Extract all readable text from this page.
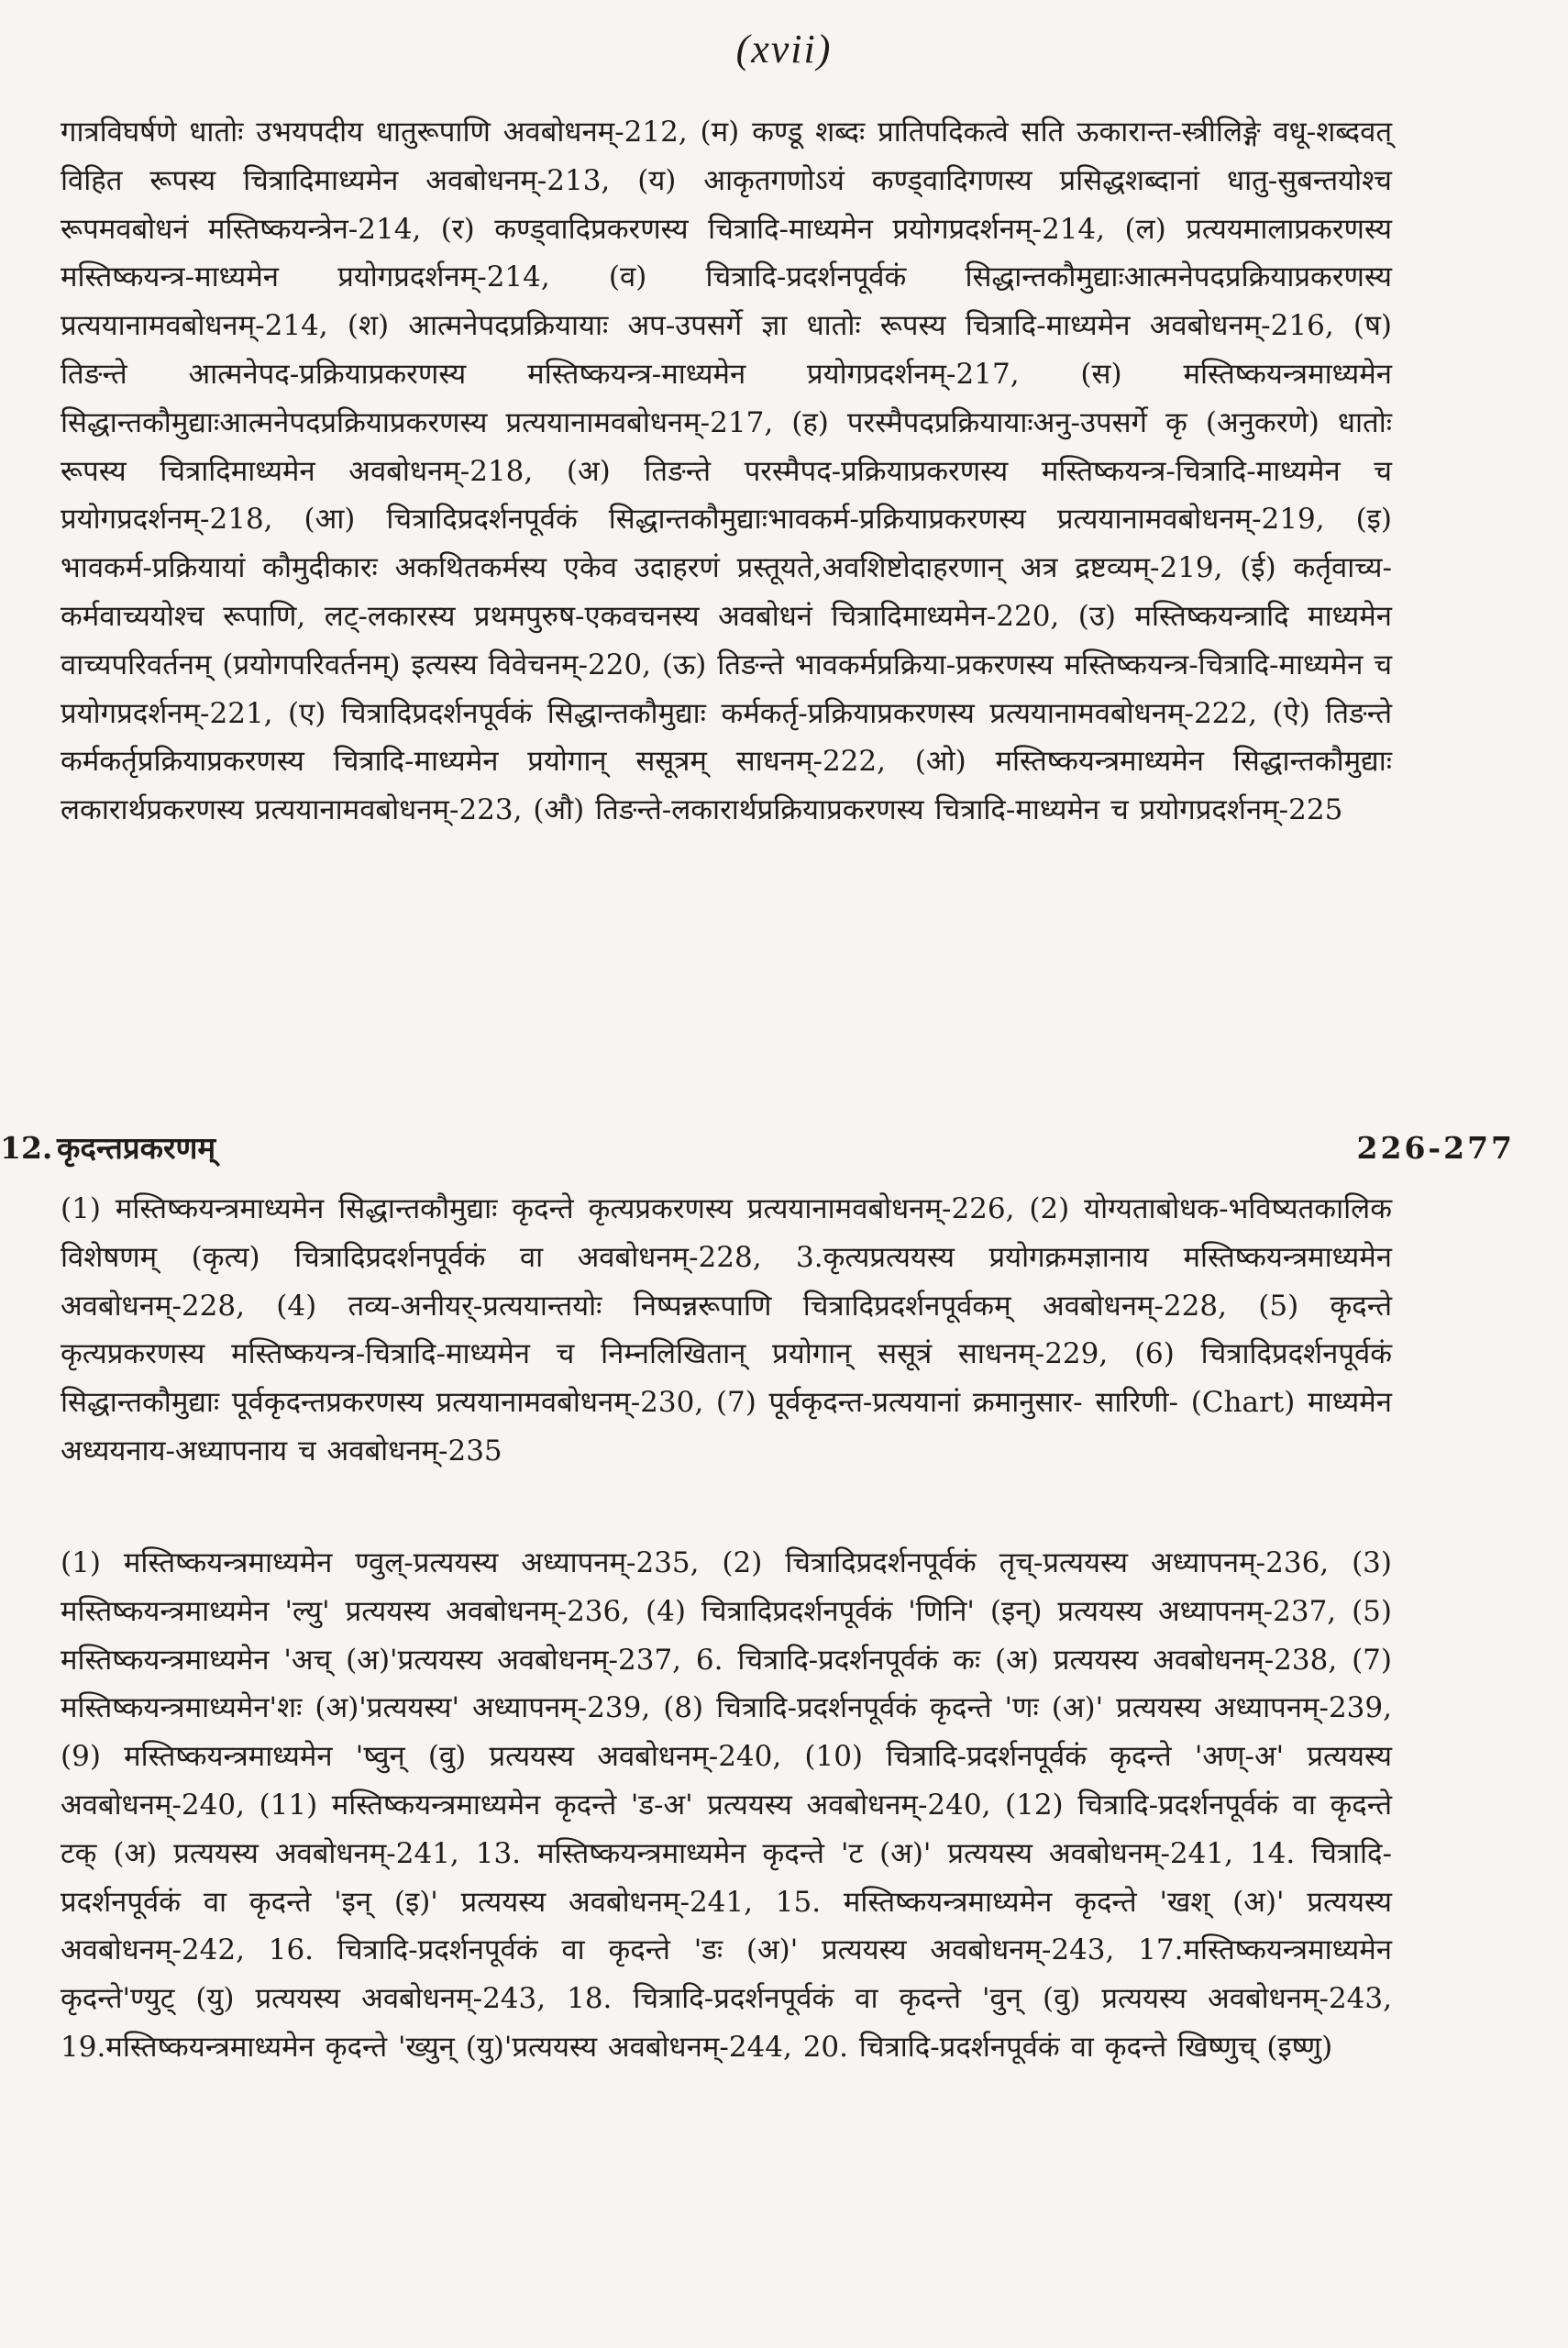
(xvii)

गात्रविघर्षणे धातोः उभयपदीय धातुरूपाणि अवबोधनम्-212, (म) कण्डू शब्दः प्रातिपदिकत्वे सति ऊकारान्त-स्त्रीलिङ्गे वधू-शब्दवत् विहित रूपस्य चित्रादिमाध्यमेन अवबोधनम्-213, (य) आकृतगणोऽयं कण्ड्वादिगणस्य प्रसिद्धशब्दानां धातु-सुबन्तयोश्च रूपमवबोधनं मस्तिष्कयन्त्रेन-214, (र) कण्ड्वादिप्रकरणस्य चित्रादि-माध्यमेन प्रयोगप्रदर्शनम्-214, (ल) प्रत्ययमालाप्रकरणस्य मस्तिष्कयन्त्र-माध्यमेन प्रयोगप्रदर्शनम्-214, (व) चित्रादि-प्रदर्शनपूर्वकं सिद्धान्तकौमुद्याःआत्मनेपदप्रक्रियाप्रकरणस्य प्रत्ययानामवबोधनम्-214, (श) आत्मनेपदप्रक्रियायाः अप-उपसर्गे ज्ञा धातोः रूपस्य चित्रादि-माध्यमेन अवबोधनम्-216, (ष) तिङन्ते आत्मनेपद-प्रक्रियाप्रकरणस्य मस्तिष्कयन्त्र-माध्यमेन प्रयोगप्रदर्शनम्-217, (स) मस्तिष्कयन्त्रमाध्यमेन सिद्धान्तकौमुद्याःआत्मनेपदप्रक्रियाप्रकरणस्य प्रत्ययानामवबोधनम्-217, (ह) परस्मैपदप्रक्रियायाःअनु-उपसर्गे कृ (अनुकरणे) धातोः रूपस्य चित्रादिमाध्यमेन अवबोधनम्-218, (अ) तिङन्ते परस्मैपद-प्रक्रियाप्रकरणस्य मस्तिष्कयन्त्र-चित्रादि-माध्यमेन च प्रयोगप्रदर्शनम्-218, (आ) चित्रादिप्रदर्शनपूर्वकं सिद्धान्तकौमुद्याःभावकर्म-प्रक्रियाप्रकरणस्य प्रत्ययानामवबोधनम्-219, (इ) भावकर्म-प्रक्रियायां कौमुदीकारः अकथितकर्मस्य एकेव उदाहरणं प्रस्तूयते,अवशिष्टोदाहरणान् अत्र द्रष्टव्यम्-219, (ई) कर्तृवाच्य-कर्मवाच्ययोश्च रूपाणि, लट्-लकारस्य प्रथमपुरुष-एकवचनस्य अवबोधनं चित्रादिमाध्यमेन-220, (उ) मस्तिष्कयन्त्रादि माध्यमेन वाच्यपरिवर्तनम् (प्रयोगपरिवर्तनम्) इत्यस्य विवेचनम्-220, (ऊ) तिङन्ते भावकर्मप्रक्रिया-प्रकरणस्य मस्तिष्कयन्त्र-चित्रादि-माध्यमेन च प्रयोगप्रदर्शनम्-221, (ए) चित्रादिप्रदर्शनपूर्वकं सिद्धान्तकौमुद्याः कर्मकर्तृ-प्रक्रियाप्रकरणस्य प्रत्ययानामवबोधनम्-222, (ऐ) तिङन्ते कर्मकर्तृप्रक्रियाप्रकरणस्य चित्रादि-माध्यमेन प्रयोगान् ससूत्रम् साधनम्-222, (ओ) मस्तिष्कयन्त्रमाध्यमेन सिद्धान्तकौमुद्याः लकारार्थप्रकरणस्य प्रत्ययानामवबोधनम्-223, (औ) तिङन्ते-लकारार्थप्रक्रियाप्रकरणस्य चित्रादि-माध्यमेन च प्रयोगप्रदर्शनम्-225

12. कृदन्तप्रकरणम्	226-277

(1) मस्तिष्कयन्त्रमाध्यमेन सिद्धान्तकौमुद्याः कृदन्ते कृत्यप्रकरणस्य प्रत्ययानामवबोधनम्-226, (2) योग्यताबोधक-भविष्यतकालिक विशेषणम् (कृत्य) चित्रादिप्रदर्शनपूर्वकं वा अवबोधनम्-228, 3.कृत्यप्रत्ययस्य प्रयोगक्रमज्ञानाय मस्तिष्कयन्त्रमाध्यमेन अवबोधनम्-228, (4) तव्य-अनीयर्-प्रत्ययान्तयोः निष्पन्नरूपाणि चित्रादिप्रदर्शनपूर्वकम् अवबोधनम्-228, (5) कृदन्ते कृत्यप्रकरणस्य मस्तिष्कयन्त्र-चित्रादि-माध्यमेन च निम्नलिखितान् प्रयोगान् ससूत्रं साधनम्-229, (6) चित्रादिप्रदर्शनपूर्वकं सिद्धान्तकौमुद्याः पूर्वकृदन्तप्रकरणस्य प्रत्ययानामवबोधनम्-230, (7) पूर्वकृदन्त-प्रत्ययानां क्रमानुसार- सारिणी- (Chart) माध्यमेन अध्ययनाय-अध्यापनाय च अवबोधनम्-235

(1) मस्तिष्कयन्त्रमाध्यमेन ण्वुल्-प्रत्ययस्य अध्यापनम्-235, (2) चित्रादिप्रदर्शनपूर्वकं तृच्-प्रत्ययस्य अध्यापनम्-236, (3) मस्तिष्कयन्त्रमाध्यमेन 'ल्यु' प्रत्ययस्य अवबोधनम्-236, (4) चित्रादिप्रदर्शनपूर्वकं 'णिनि' (इन्) प्रत्ययस्य अध्यापनम्-237, (5) मस्तिष्कयन्त्रमाध्यमेन 'अच् (अ)'प्रत्ययस्य अवबोधनम्-237, 6. चित्रादि-प्रदर्शनपूर्वकं कः (अ) प्रत्ययस्य अवबोधनम्-238, (7) मस्तिष्कयन्त्रमाध्यमेन'शः (अ)'प्रत्ययस्य' अध्यापनम्-239, (8) चित्रादि-प्रदर्शनपूर्वकं कृदन्ते 'णः (अ)' प्रत्ययस्य अध्यापनम्-239, (9) मस्तिष्कयन्त्रमाध्यमेन 'ष्वुन् (वु) प्रत्ययस्य अवबोधनम्-240, (10) चित्रादि-प्रदर्शनपूर्वकं कृदन्ते 'अण्-अ' प्रत्ययस्य अवबोधनम्-240, (11) मस्तिष्कयन्त्रमाध्यमेन कृदन्ते 'ड-अ' प्रत्ययस्य अवबोधनम्-240, (12) चित्रादि-प्रदर्शनपूर्वकं वा कृदन्ते टक् (अ) प्रत्ययस्य अवबोधनम्-241, 13. मस्तिष्कयन्त्रमाध्यमेन कृदन्ते 'ट (अ)' प्रत्ययस्य अवबोधनम्-241, 14. चित्रादि-प्रदर्शनपूर्वकं वा कृदन्ते 'इन् (इ)' प्रत्ययस्य अवबोधनम्-241, 15. मस्तिष्कयन्त्रमाध्यमेन कृदन्ते 'खश् (अ)' प्रत्ययस्य अवबोधनम्-242, 16. चित्रादि-प्रदर्शनपूर्वकं वा कृदन्ते 'डः (अ)' प्रत्ययस्य अवबोधनम्-243, 17.मस्तिष्कयन्त्रमाध्यमेन कृदन्ते'ण्युट् (यु) प्रत्ययस्य अवबोधनम्-243, 18. चित्रादि-प्रदर्शनपूर्वकं वा कृदन्ते 'वुन् (वु) प्रत्ययस्य अवबोधनम्-243, 19.मस्तिष्कयन्त्रमाध्यमेन कृदन्ते 'ख्युन् (यु)'प्रत्ययस्य अवबोधनम्-244, 20. चित्रादि-प्रदर्शनपूर्वकं वा कृदन्ते खिष्णुच् (इष्णु)
